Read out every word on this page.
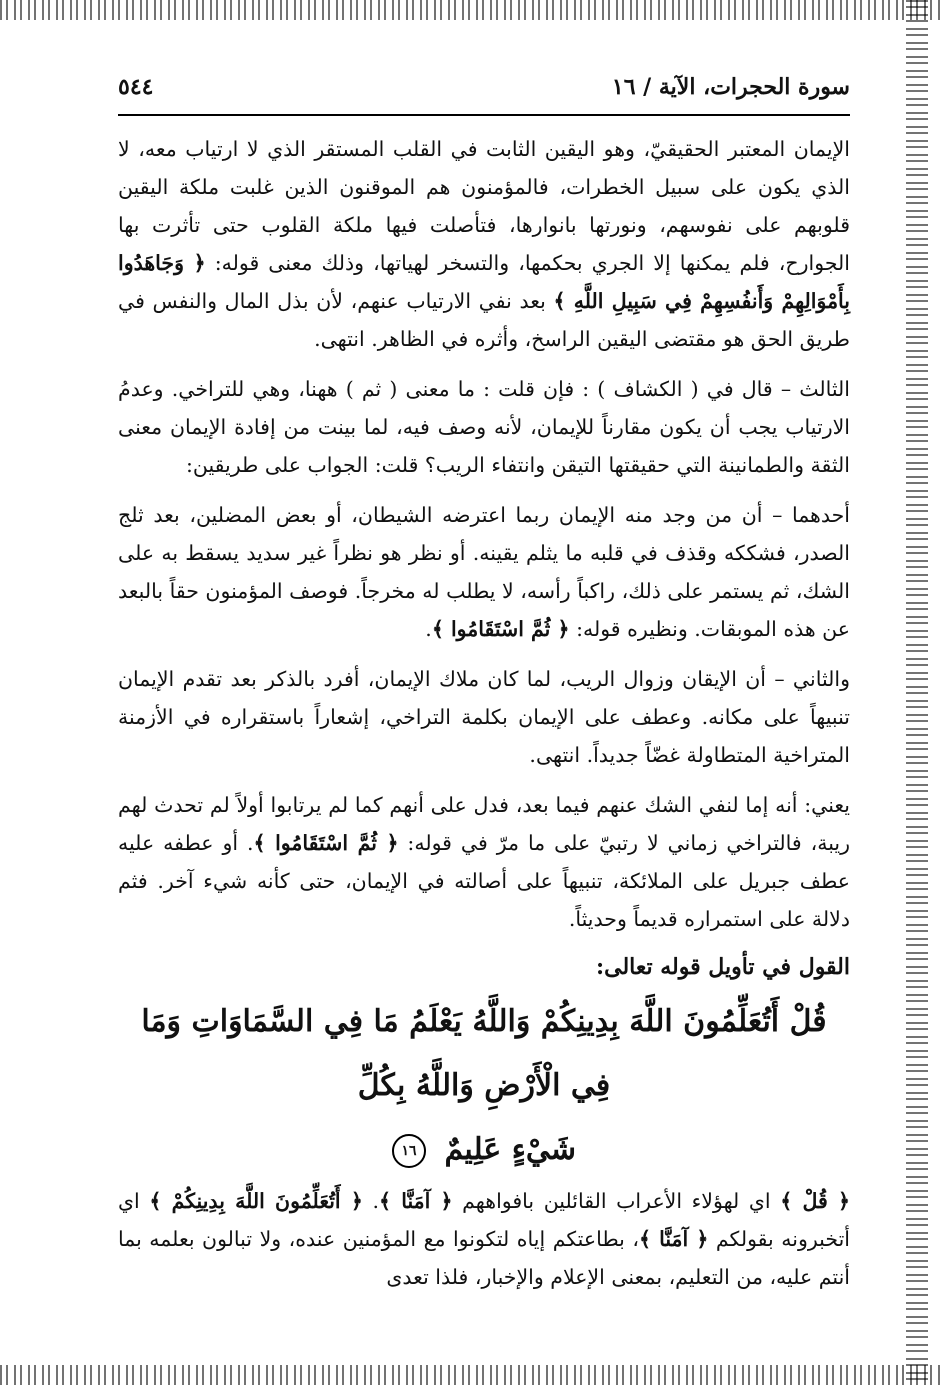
سورة الحجرات، الآية / ١٦
٥٤٤

الإيمان المعتبر الحقيقيّ، وهو اليقين الثابت في القلب المستقر الذي لا ارتياب معه، لا الذي يكون على سبيل الخطرات، فالمؤمنون هم الموقنون الذين غلبت ملكة اليقين قلوبهم على نفوسهم، ونورتها بانوارها، فتأصلت فيها ملكة القلوب حتى تأثرت بها الجوارح، فلم يمكنها إلا الجري بحكمها، والتسخر لهياتها، وذلك معنى قوله: ﴿ وَجَاهَدُوا بِأَمْوَالِهِمْ وَأَنفُسِهِمْ فِي سَبِيلِ اللَّهِ ﴾ بعد نفي الارتياب عنهم، لأن بذل المال والنفس في طريق الحق هو مقتضى اليقين الراسخ، وأثره في الظاهر. انتهى.

الثالث – قال في ( الكشاف ) : فإن قلت : ما معنى ( ثم ) ههنا، وهي للتراخي. وعدمُ الارتياب يجب أن يكون مقارناً للإيمان، لأنه وصف فيه، لما بينت من إفادة الإيمان معنى الثقة والطمانينة التي حقيقتها التيقن وانتفاء الريب؟ قلت: الجواب على طريقين:

أحدهما – أن من وجد منه الإيمان ربما اعترضه الشيطان، أو بعض المضلين، بعد ثلج الصدر، فشككه وقذف في قلبه ما يثلم يقينه. أو نظر هو نظراً غير سديد يسقط به على الشك، ثم يستمر على ذلك، راكباً رأسه، لا يطلب له مخرجاً. فوصف المؤمنون حقاً بالبعد عن هذه الموبقات. ونظيره قوله: ﴿ ثُمَّ اسْتَقَامُوا ﴾.

والثاني – أن الإيقان وزوال الريب، لما كان ملاك الإيمان، أفرد بالذكر بعد تقدم الإيمان تنبيهاً على مكانه. وعطف على الإيمان بكلمة التراخي، إشعاراً باستقراره في الأزمنة المتراخية المتطاولة غضّاً جديداً. انتهى.

يعني: أنه إما لنفي الشك عنهم فيما بعد، فدل على أنهم كما لم يرتابوا أولاً لم تحدث لهم ريبة، فالتراخي زماني لا رتبيّ على ما مرّ في قوله: ﴿ ثُمَّ اسْتَقَامُوا ﴾. أو عطفه عليه عطف جبريل على الملائكة، تنبيهاً على أصالته في الإيمان، حتى كأنه شيء آخر. فثم دلالة على استمراره قديماً وحديثاً.

القول في تأويل قوله تعالى:
قُلْ أَتُعَلِّمُونَ اللَّهَ بِدِينِكُمْ وَاللَّهُ يَعْلَمُ مَا فِي السَّمَاوَاتِ وَمَا فِي الْأَرْضِ وَاللَّهُ بِكُلِّ
شَيْءٍ عَلِيمٌ ١٦

﴿ قُلْ ﴾ اي لهؤلاء الأعراب القائلين بافواههم ﴿ آمَنَّا ﴾. ﴿ أَتُعَلِّمُونَ اللَّهَ بِدِينِكُمْ ﴾ اي أتخبرونه بقولكم ﴿ آمَنَّا ﴾، بطاعتكم إياه لتكونوا مع المؤمنين عنده، ولا تبالون بعلمه بما أنتم عليه، من التعليم، بمعنى الإعلام والإخبار، فلذا تعدى
